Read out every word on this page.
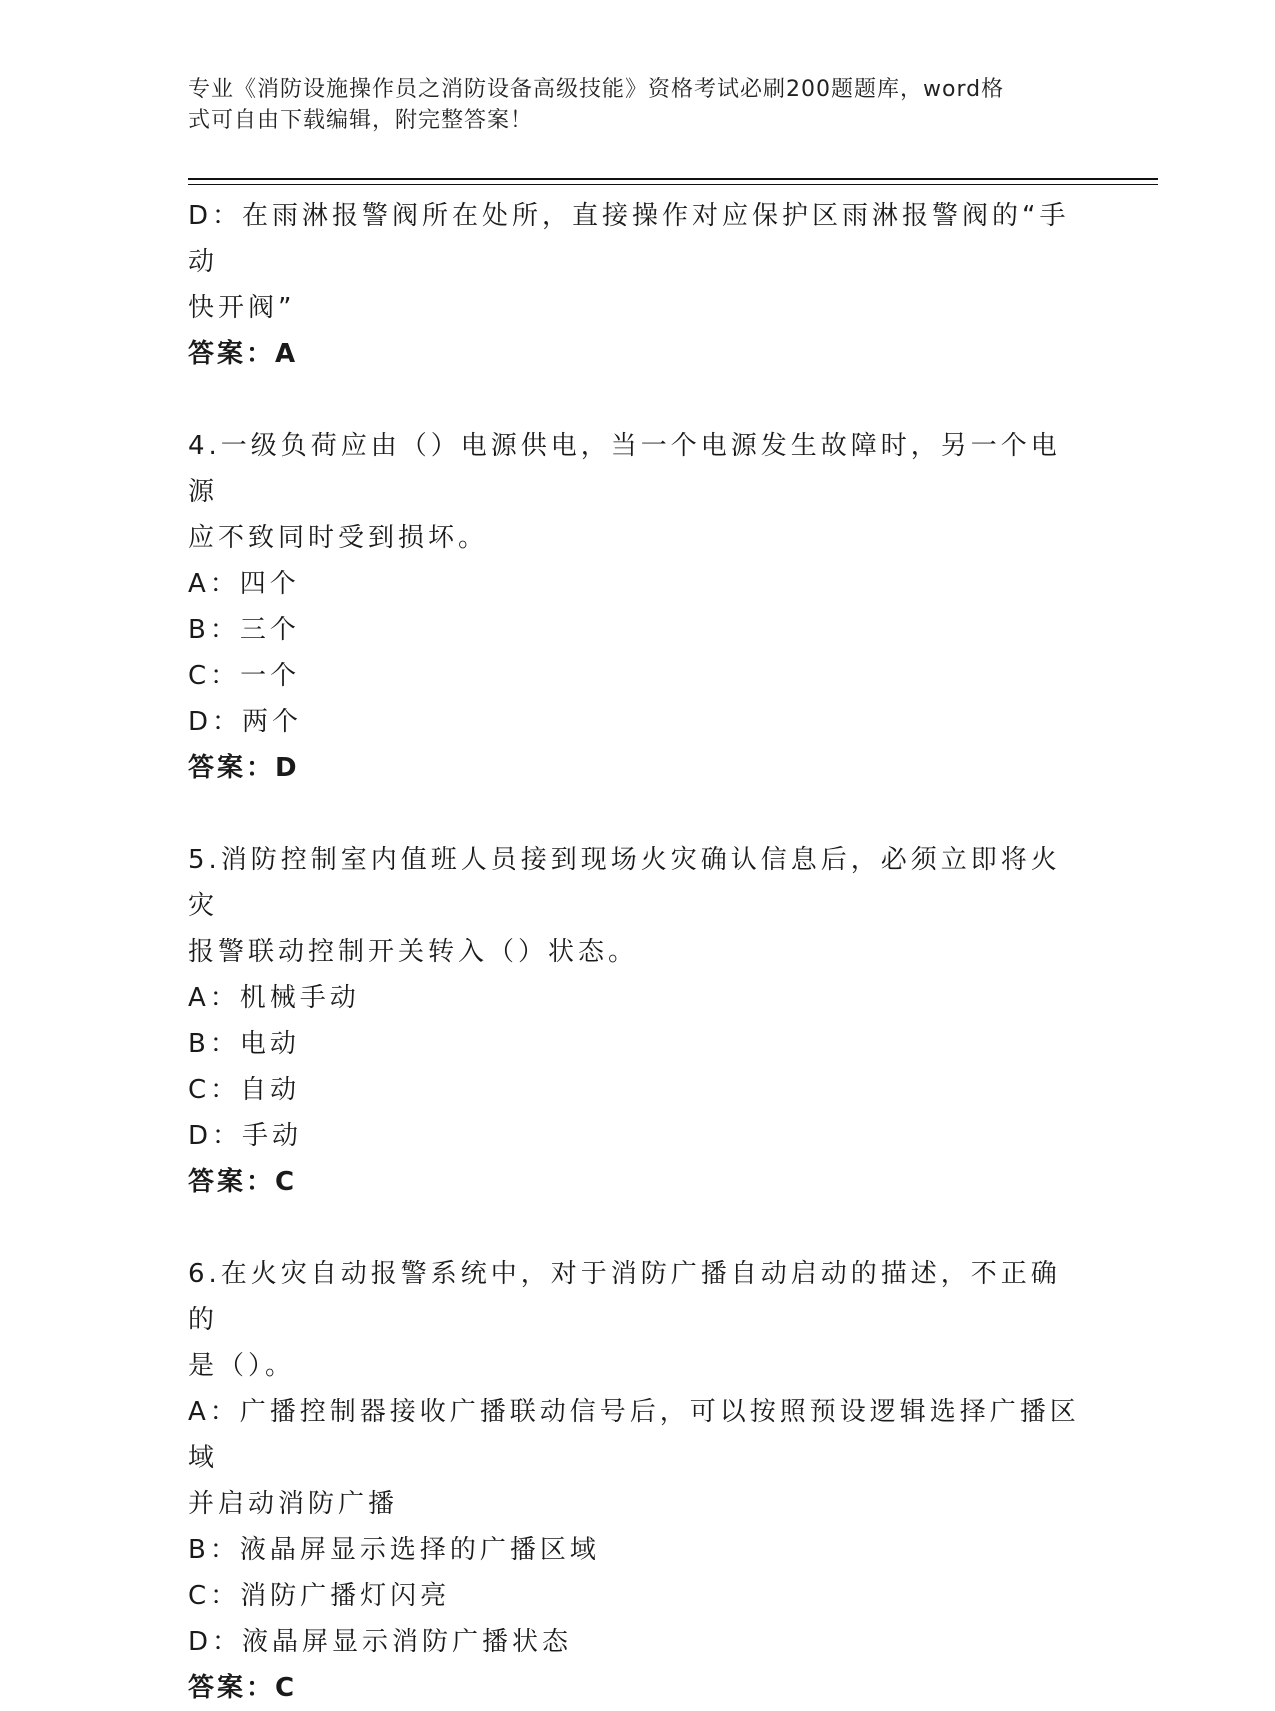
专业《消防设施操作员之消防设备高级技能》资格考试必刷200题题库，word格
式可自由下载编辑，附完整答案！
D：在雨淋报警阀所在处所，直接操作对应保护区雨淋报警阀的“手动
快开阀”
答案：A
4.一级负荷应由（）电源供电，当一个电源发生故障时，另一个电源
应不致同时受到损坏。
A：四个
B：三个
C：一个
D：两个
答案：D
5.消防控制室内值班人员接到现场火灾确认信息后，必须立即将火灾
报警联动控制开关转入（）状态。
A：机械手动
B：电动
C：自动
D：手动
答案：C
6.在火灾自动报警系统中，对于消防广播自动启动的描述，不正确的
是（）。
A：广播控制器接收广播联动信号后，可以按照预设逻辑选择广播区域
并启动消防广播
B：液晶屏显示选择的广播区域
C：消防广播灯闪亮
D：液晶屏显示消防广播状态
答案：C
